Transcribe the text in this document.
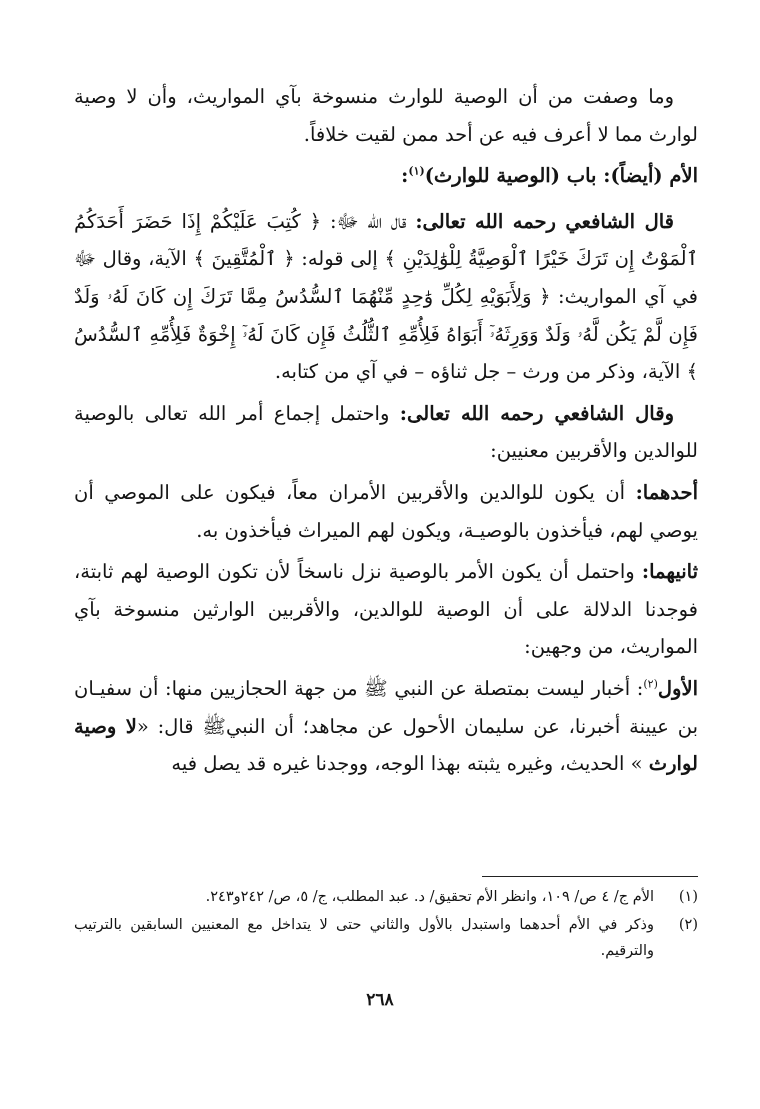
وما وصفت من أن الوصية للوارث منسوخة بآي المواريث، وأن لا وصية لوارث مما لا أعرف فيه عن أحد ممن لقيت خلافاً.

الأم (أيضاً): باب (الوصية للوارث)$^{(١)}$:

قال الشافعي رحمه الله تعالى: قال الله ﷻ: ﴿ كُتِبَ عَلَيْكُمْ إِذَا حَضَرَ أَحَدَكُمُ ٱلْمَوْتُ إِن تَرَكَ خَيْرًا ٱلْوَصِيَّةُ لِلْوَٰلِدَيْنِ ﴾ إلى قوله: ﴿ ٱلْمُتَّقِينَ ﴾ الآية، وقال ﷻ في آي المواريث: ﴿ وَلِأَبَوَيْهِ لِكُلِّ وَٰحِدٍ مِّنْهُمَا ٱلسُّدُسُ مِمَّا تَرَكَ إِن كَانَ لَهُۥ وَلَدٌ فَإِن لَّمْ يَكُن لَّهُۥ وَلَدٌ وَوَرِثَهُۥٓ أَبَوَاهُ فَلِأُمِّهِ ٱلثُّلُثُ فَإِن كَانَ لَهُۥٓ إِخْوَةٌ فَلِأُمِّهِ ٱلسُّدُسُ ﴾ الآية، وذكر من ورث – جل ثناؤه – في آي من كتابه.

وقال الشافعي رحمه الله تعالى: واحتمل إجماع أمر الله تعالى بالوصية للوالدين والأقربين معنيين:

أحدهما: أن يكون للوالدين والأقربين الأمران معاً، فيكون على الموصي أن يوصي لهم، فيأخذون بالوصيـة، ويكون لهم الميراث فيأخذون به.

ثانيهما: واحتمل أن يكون الأمر بالوصية نزل ناسخاً لأن تكون الوصية لهم ثابتة، فوجدنا الدلالة على أن الوصية للوالدين، والأقربين الوارثين منسوخة بآي المواريث، من وجهين:

الأول$^{(٢)}$: أخبار ليست بمتصلة عن النبي ﷺ من جهة الحجازيين منها: أن سفيـان بن عيينة أخبرنا، عن سليمان الأحول عن مجاهد؛ أن النبيﷺ قال: «لا وصية لوارث » الحديث، وغيره يثبته بهذا الوجه، ووجدنا غيره قد يصل فيه

(١)
الأم ج/ ٤ ص/ ١٠٩، وانظر الأم تحقيق/ د. عبد المطلب، ج/ ٥، ص/ ٢٤٢و٢٤٣.
(٢)
وذكر في الأم أحدهما واستبدل بالأول والثاني حتى لا يتداخل مع المعنيين السابقين بالترتيب والترقيم.
٢٦٨
